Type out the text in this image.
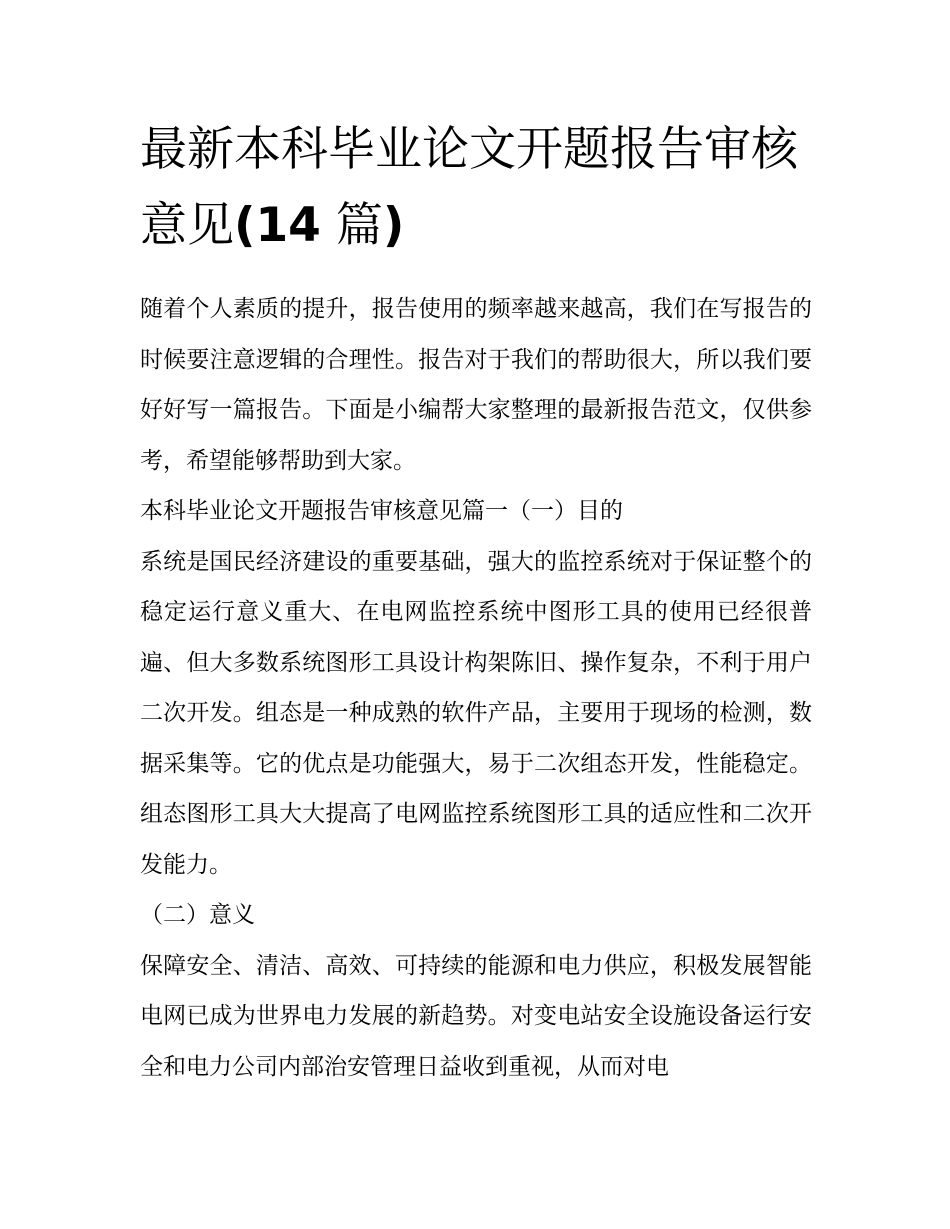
最新本科毕业论文开题报告审核意见(14 篇)

随着个人素质的提升，报告使用的频率越来越高，我们在写报告的时候要注意逻辑的合理性。报告对于我们的帮助很大，所以我们要好好写一篇报告。下面是小编帮大家整理的最新报告范文，仅供参考，希望能够帮助到大家。

本科毕业论文开题报告审核意见篇一（一）目的

系统是国民经济建设的重要基础，强大的监控系统对于保证整个的稳定运行意义重大、在电网监控系统中图形工具的使用已经很普遍、但大多数系统图形工具设计构架陈旧、操作复杂，不利于用户二次开发。组态是一种成熟的软件产品，主要用于现场的检测，数据采集等。它的优点是功能强大，易于二次组态开发，性能稳定。组态图形工具大大提高了电网监控系统图形工具的适应性和二次开发能力。

（二）意义

保障安全、清洁、高效、可持续的能源和电力供应，积极发展智能电网已成为世界电力发展的新趋势。对变电站安全设施设备运行安全和电力公司内部治安管理日益收到重视，从而对电
